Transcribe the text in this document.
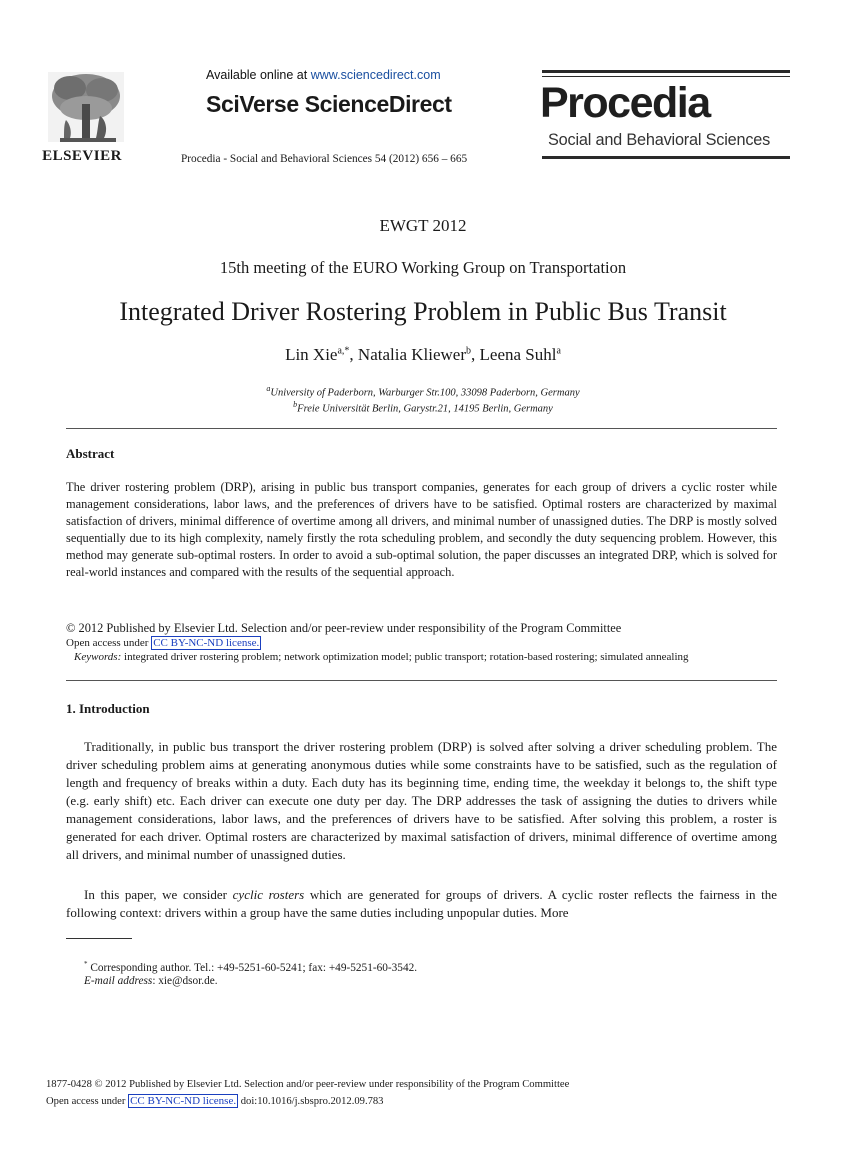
ELSEVIER
Available online at www.sciencedirect.com
SciVerse ScienceDirect
Procedia - Social and Behavioral Sciences 54 (2012) 656 – 665
Procedia
Social and Behavioral Sciences
EWGT 2012
15th meeting of the EURO Working Group on Transportation
Integrated Driver Rostering Problem in Public Bus Transit
Lin Xie$^{a,*}$, Natalia Kliewer$^b$, Leena Suhl$^a$
$^a$University of Paderborn, Warburger Str.100, 33098 Paderborn, Germany
$^b$Freie Universität Berlin, Garystr.21, 14195 Berlin, Germany
Abstract

The driver rostering problem (DRP), arising in public bus transport companies, generates for each group of drivers a cyclic roster while management considerations, labor laws, and the preferences of drivers have to be satisfied. Optimal rosters are characterized by maximal satisfaction of drivers, minimal difference of overtime among all drivers, and minimal number of unassigned duties. The DRP is mostly solved sequentially due to its high complexity, namely firstly the rota scheduling problem, and secondly the duty sequencing problem. However, this method may generate sub-optimal rosters. In order to avoid a sub-optimal solution, the paper discusses an integrated DRP, which is solved for real-world instances and compared with the results of the sequential approach.

© 2012 Published by Elsevier Ltd. Selection and/or peer-review under responsibility of the Program Committee
Open access under CC BY-NC-ND license.
Keywords: integrated driver rostering problem; network optimization model; public transport; rotation-based rostering; simulated annealing
1. Introduction

Traditionally, in public bus transport the driver rostering problem (DRP) is solved after solving a driver scheduling problem. The driver scheduling problem aims at generating anonymous duties while some constraints have to be satisfied, such as the regulation of length and frequency of breaks within a duty. Each duty has its beginning time, ending time, the weekday it belongs to, the shift type (e.g. early shift) etc. Each driver can execute one duty per day. The DRP addresses the task of assigning the duties to drivers while management considerations, labor laws, and the preferences of drivers have to be satisfied. After solving this problem, a roster is generated for each driver. Optimal rosters are characterized by maximal satisfaction of drivers, minimal difference of overtime among all drivers, and minimal number of unassigned duties.

In this paper, we consider cyclic rosters which are generated for groups of drivers. A cyclic roster reflects the fairness in the following context: drivers within a group have the same duties including unpopular duties. More

* Corresponding author. Tel.: +49-5251-60-5241; fax: +49-5251-60-3542.
E-mail address: xie@dsor.de.
1877-0428 © 2012 Published by Elsevier Ltd. Selection and/or peer-review under responsibility of the Program Committee
Open access under CC BY-NC-ND license. doi:10.1016/j.sbspro.2012.09.783
